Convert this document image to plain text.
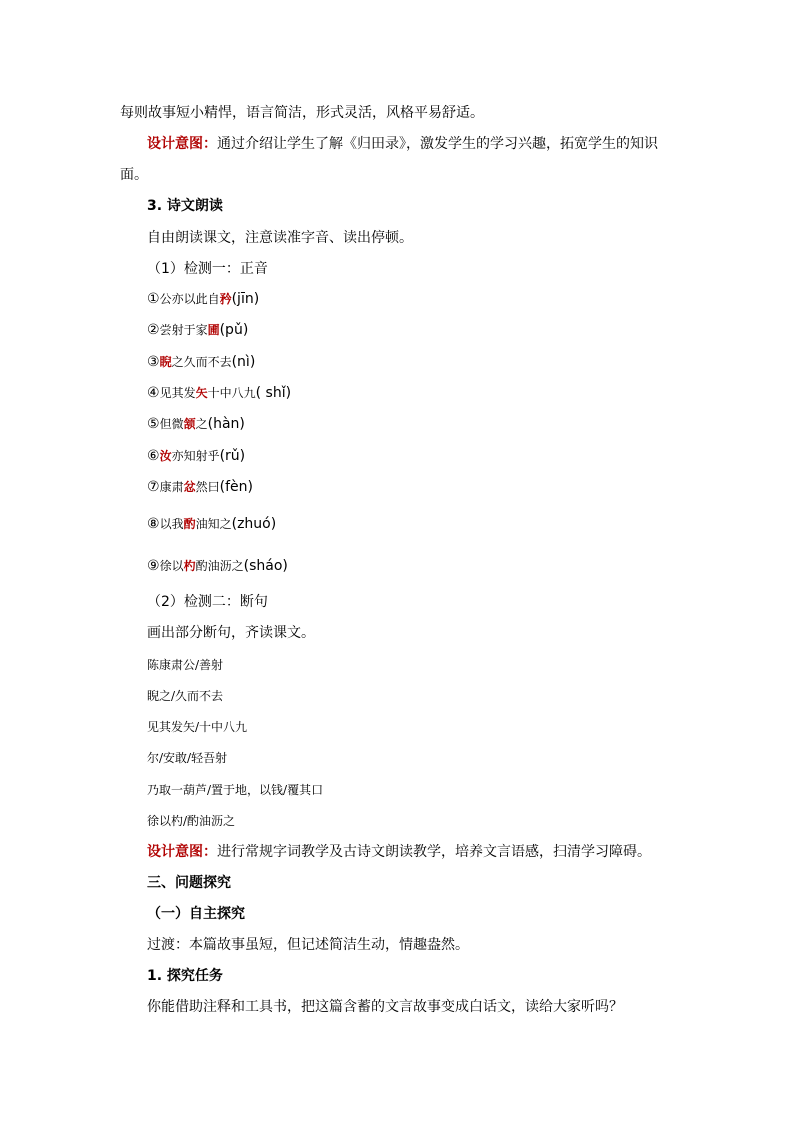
每则故事短小精悍，语言简洁，形式灵活，风格平易舒适。
设计意图：通过介绍让学生了解《归田录》，激发学生的学习兴趣，拓宽学生的知识
面。
3. 诗文朗读
自由朗读课文，注意读准字音、读出停顿。
（1）检测一：正音
①公亦以此自矜(jīn)
②尝射于家圃(pǔ)
③睨之久而不去(nì)
④见其发矢十中八九( shǐ)
⑤但微颔之(hàn)
⑥汝亦知射乎(rǔ)
⑦康肃忿然曰(fèn)
⑧以我酌油知之(zhuó)
⑨徐以杓酌油沥之(sháo)
（2）检测二：断句
画出部分断句，齐读课文。
陈康肃公/善射
睨之/久而不去
见其发矢/十中八九
尔/安敢/轻吾射
乃取一葫芦/置于地，以钱/覆其口
徐以杓/酌油沥之
设计意图：进行常规字词教学及古诗文朗读教学，培养文言语感，扫清学习障碍。
三、问题探究
（一）自主探究
过渡：本篇故事虽短，但记述简洁生动，情趣盎然。
1. 探究任务
你能借助注释和工具书，把这篇含蓄的文言故事变成白话文，读给大家听吗？
